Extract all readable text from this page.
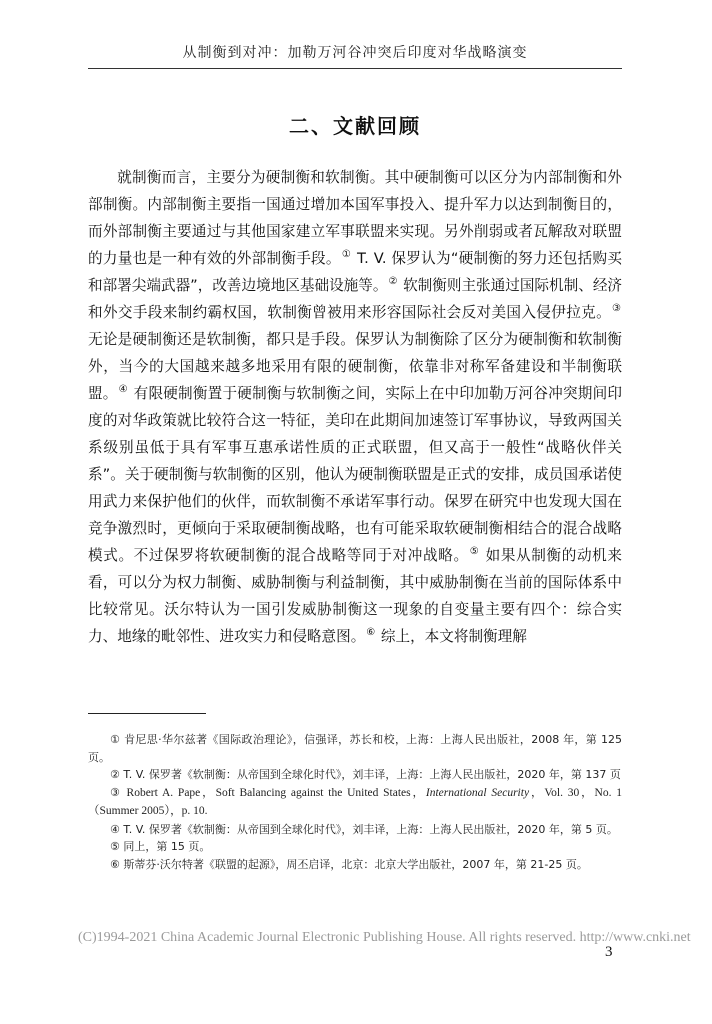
从制衡到对冲：加勒万河谷冲突后印度对华战略演变
二、文献回顾

就制衡而言，主要分为硬制衡和软制衡。其中硬制衡可以区分为内部制衡和外部制衡。内部制衡主要指一国通过增加本国军事投入、提升军力以达到制衡目的，而外部制衡主要通过与其他国家建立军事联盟来实现。另外削弱或者瓦解敌对联盟的力量也是一种有效的外部制衡手段。① T. V. 保罗认为“硬制衡的努力还包括购买和部署尖端武器”，改善边境地区基础设施等。② 软制衡则主张通过国际机制、经济和外交手段来制约霸权国，软制衡曾被用来形容国际社会反对美国入侵伊拉克。③ 无论是硬制衡还是软制衡，都只是手段。保罗认为制衡除了区分为硬制衡和软制衡外，当今的大国越来越多地采用有限的硬制衡，依靠非对称军备建设和半制衡联盟。④ 有限硬制衡置于硬制衡与软制衡之间，实际上在中印加勒万河谷冲突期间印度的对华政策就比较符合这一特征，美印在此期间加速签订军事协议，导致两国关系级别虽低于具有军事互惠承诺性质的正式联盟，但又高于一般性“战略伙伴关系”。关于硬制衡与软制衡的区别，他认为硬制衡联盟是正式的安排，成员国承诺使用武力来保护他们的伙伴，而软制衡不承诺军事行动。保罗在研究中也发现大国在竞争激烈时，更倾向于采取硬制衡战略，也有可能采取软硬制衡相结合的混合战略模式。不过保罗将软硬制衡的混合战略等同于对冲战略。⑤ 如果从制衡的动机来看，可以分为权力制衡、威胁制衡与利益制衡，其中威胁制衡在当前的国际体系中比较常见。沃尔特认为一国引发威胁制衡这一现象的自变量主要有四个：综合实力、地缘的毗邻性、进攻实力和侵略意图。⑥ 综上，本文将制衡理解

① 肯尼思·华尔兹著《国际政治理论》，信强译，苏长和校，上海：上海人民出版社，2008 年，第 125 页。

② T. V. 保罗著《软制衡：从帝国到全球化时代》，刘丰译，上海：上海人民出版社，2020 年，第 137 页

③ Robert A. Pape，Soft Balancing against the United States，International Security，Vol. 30，No. 1（Summer 2005），p. 10.

④ T. V. 保罗著《软制衡：从帝国到全球化时代》，刘丰译，上海：上海人民出版社，2020 年，第 5 页。

⑤ 同上，第 15 页。

⑥ 斯蒂芬·沃尔特著《联盟的起源》，周丕启译，北京：北京大学出版社，2007 年，第 21-25 页。

(C)1994-2021 China Academic Journal Electronic Publishing House. All rights reserved. http://www.cnki.net
3
